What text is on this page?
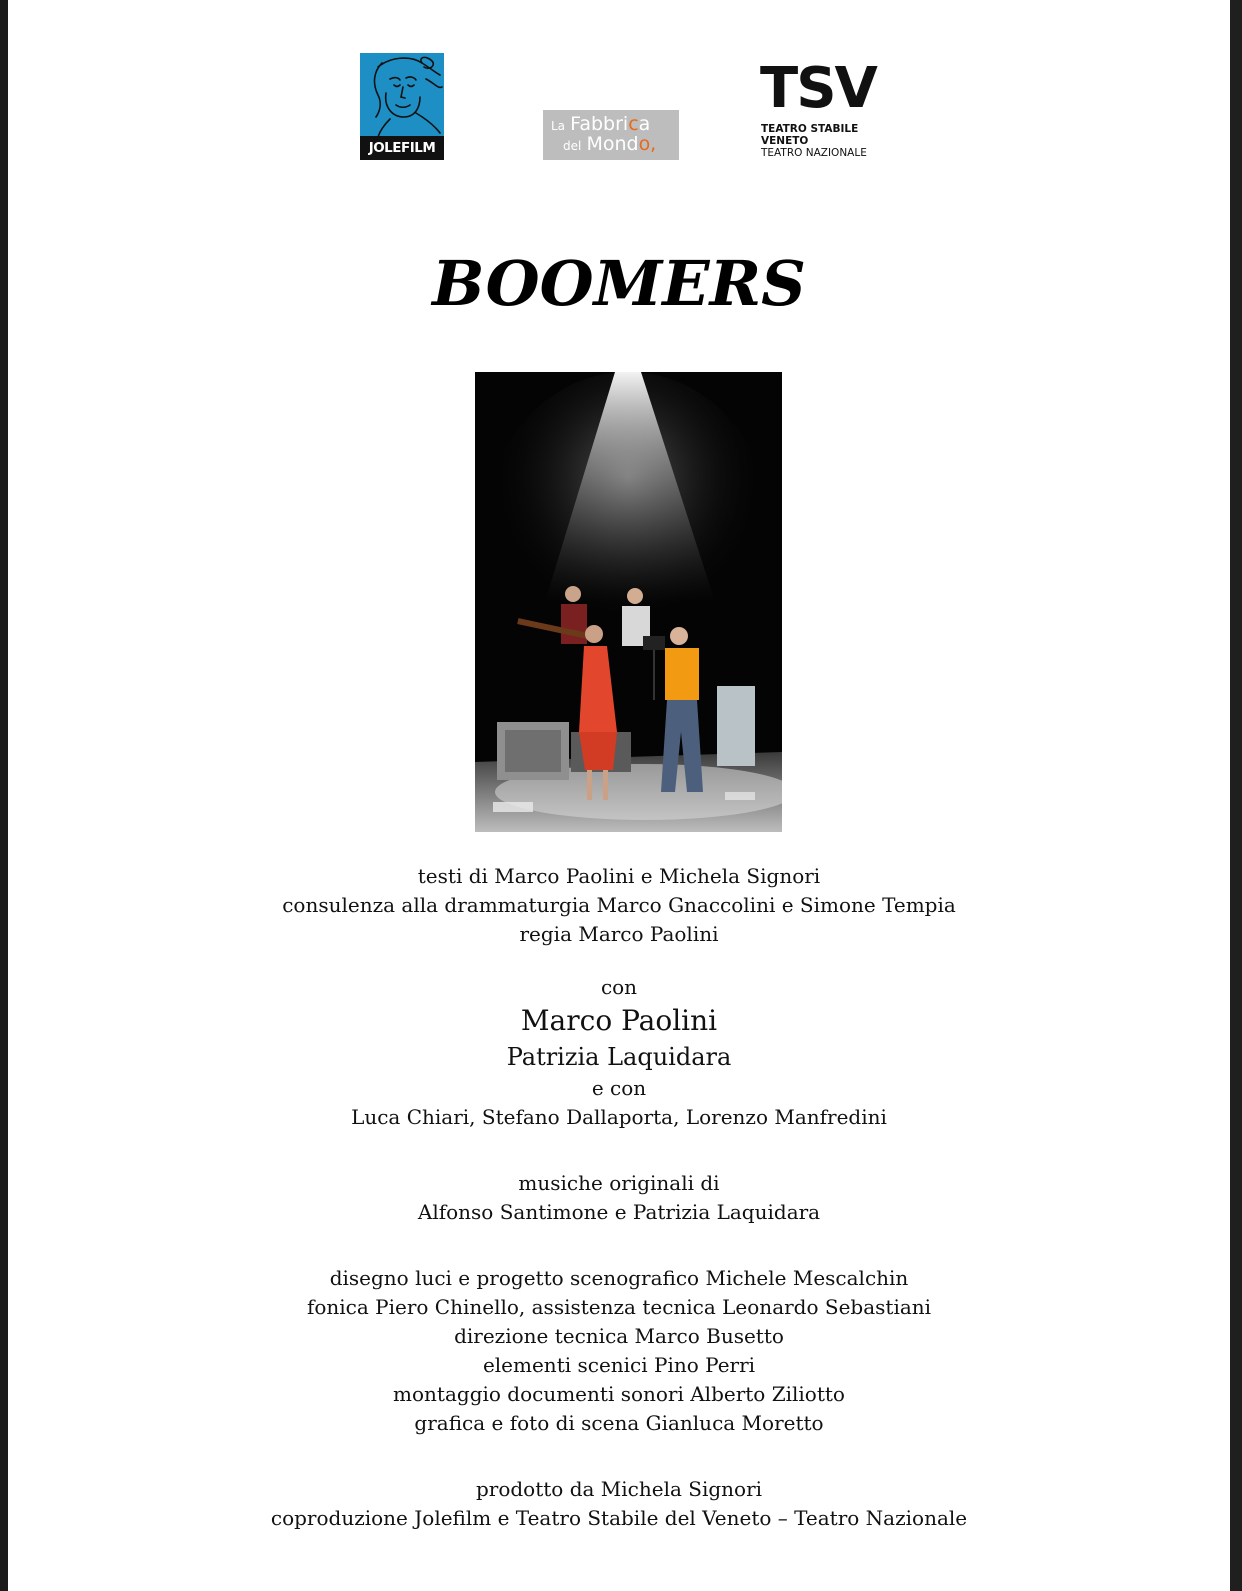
JOLEFILM
La Fabbrica
del Mondo,
TSV
TEATRO STABILE
VENETO
TEATRO NAZIONALE
BOOMERS
testi di Marco Paolini e Michela Signori
consulenza alla drammaturgia Marco Gnaccolini e Simone Tempia
regia Marco Paolini
con
Marco Paolini
Patrizia Laquidara
e con
Luca Chiari, Stefano Dallaporta, Lorenzo Manfredini
musiche originali di
Alfonso Santimone e Patrizia Laquidara
disegno luci e progetto scenografico Michele Mescalchin
fonica Piero Chinello, assistenza tecnica Leonardo Sebastiani
direzione tecnica Marco Busetto
elementi scenici Pino Perri
montaggio documenti sonori Alberto Ziliotto
grafica e foto di scena Gianluca Moretto
prodotto da Michela Signori
coproduzione Jolefilm e Teatro Stabile del Veneto – Teatro Nazionale
